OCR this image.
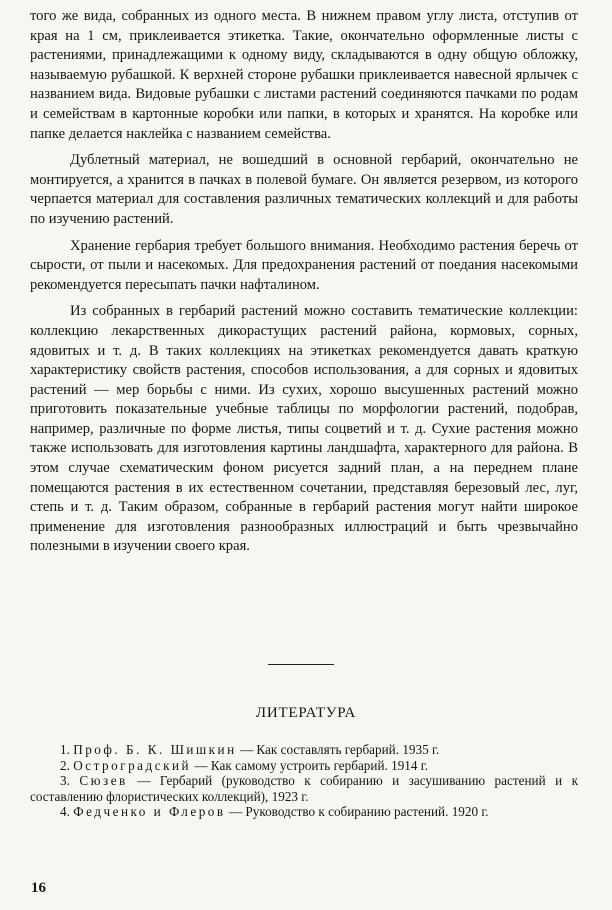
того же вида, собранных из одного места. В нижнем правом углу листа, отступив от края на 1 см, приклеивается этикетка. Такие, окончательно оформленные листы с растениями, принадлежащими к одному виду, складываются в одну общую обложку, называемую рубашкой. К верхней стороне рубашки приклеивается навесной ярлычек с названием вида. Видовые рубашки с листами растений соединяются пачками по родам и семействам в картонные коробки или папки, в которых и хранятся. На коробке или папке делается наклейка с названием семейства.

Дублетный материал, не вошедший в основной гербарий, окончательно не монтируется, а хранится в пачках в полевой бумаге. Он является резервом, из которого черпается материал для составления различных тематических коллекций и для работы по изучению растений.

Хранение гербария требует большого внимания. Необходимо растения беречь от сырости, от пыли и насекомых. Для предохранения растений от поедания насекомыми рекомендуется пересыпать пачки нафталином.

Из собранных в гербарий растений можно составить тематические коллекции: коллекцию лекарственных дикорастущих растений района, кормовых, сорных, ядовитых и т. д. В таких коллекциях на этикетках рекомендуется давать краткую характеристику свойств растения, способов использования, а для сорных и ядовитых растений — мер борьбы с ними. Из сухих, хорошо высушенных растений можно приготовить показательные учебные таблицы по морфологии растений, подобрав, например, различные по форме листья, типы соцветий и т. д. Сухие растения можно также использовать для изготовления картины ландшафта, характерного для района. В этом случае схематическим фоном рисуется задний план, а на переднем плане помещаются растения в их естественном сочетании, представляя березовый лес, луг, степь и т. д. Таким образом, собранные в гербарий растения могут найти широкое применение для изготовления разнообразных иллюстраций и быть чрезвычайно полезными в изучении своего края.

ЛИТЕРАТУРА

1. Проф. Б. К. Шишкин — Как составлять гербарий. 1935 г.

2. Остроградский — Как самому устроить гербарий. 1914 г.

3. Сюзев — Гербарий (руководство к собиранию и засушиванию растений и к составлению флористических коллекций), 1923 г.

4. Федченко и Флеров — Руководство к собиранию растений. 1920 г.

16
